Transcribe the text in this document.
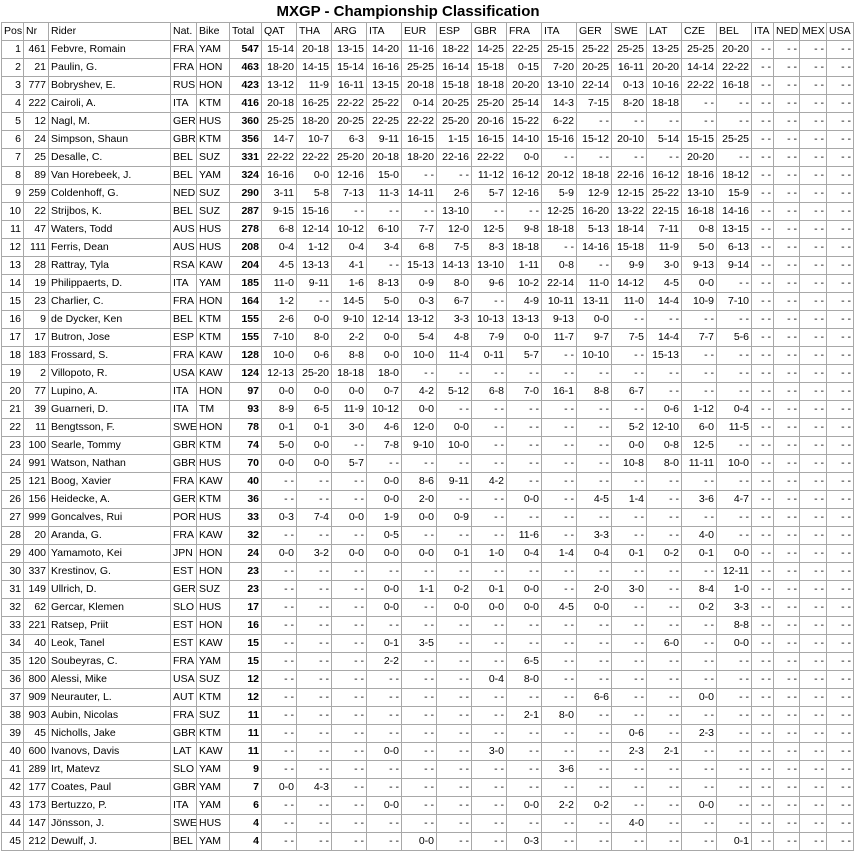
MXGP - Championship Classification
Pos	Nr	Rider	Nat.	Bike	Total	QAT	THA	ARG	ITA	EUR	ESP	GBR	FRA	ITA	GER	SWE	LAT	CZE	BEL	ITA	NED	MEX	USA
1	461	Febvre, Romain	FRA	YAM	547	15-14	20-18	13-15	14-20	11-16	18-22	14-25	22-25	25-15	25-22	25-25	13-25	25-25	20-20	- -	- -	- -	- -
2	21	Paulin, G.	FRA	HON	463	18-20	14-15	15-14	16-16	25-25	16-14	15-18	0-15	7-20	20-25	16-11	20-20	14-14	22-22	- -	- -	- -	- -
3	777	Bobryshev, E.	RUS	HON	423	13-12	11-9	16-11	13-15	20-18	15-18	18-18	20-20	13-10	22-14	0-13	10-16	22-22	16-18	- -	- -	- -	- -
4	222	Cairoli, A.	ITA	KTM	416	20-18	16-25	22-22	25-22	0-14	20-25	25-20	25-14	14-3	7-15	8-20	18-18	- -	- -	- -	- -	- -	- -
5	12	Nagl, M.	GER	HUS	360	25-25	18-20	20-25	22-25	22-22	25-20	20-16	15-22	6-22	- -	- -	- -	- -	- -	- -	- -	- -	- -
6	24	Simpson, Shaun	GBR	KTM	356	14-7	10-7	6-3	9-11	16-15	1-15	16-15	14-10	15-16	15-12	20-10	5-14	15-15	25-25	- -	- -	- -	- -
7	25	Desalle, C.	BEL	SUZ	331	22-22	22-22	25-20	20-18	18-20	22-16	22-22	0-0	- -	- -	- -	- -	20-20	- -	- -	- -	- -	- -
8	89	Van Horebeek, J.	BEL	YAM	324	16-16	0-0	12-16	15-0	- -	- -	11-12	16-12	20-12	18-18	22-16	16-12	18-16	18-12	- -	- -	- -	- -
9	259	Coldenhoff, G.	NED	SUZ	290	3-11	5-8	7-13	11-3	14-11	2-6	5-7	12-16	5-9	12-9	12-15	25-22	13-10	15-9	- -	- -	- -	- -
10	22	Strijbos, K.	BEL	SUZ	287	9-15	15-16	- -	- -	- -	13-10	- -	- -	12-25	16-20	13-22	22-15	16-18	14-16	- -	- -	- -	- -
11	47	Waters, Todd	AUS	HUS	278	6-8	12-14	10-12	6-10	7-7	12-0	12-5	9-8	18-18	5-13	18-14	7-11	0-8	13-15	- -	- -	- -	- -
12	111	Ferris, Dean	AUS	HUS	208	0-4	1-12	0-4	3-4	6-8	7-5	8-3	18-18	- -	14-16	15-18	11-9	5-0	6-13	- -	- -	- -	- -
13	28	Rattray, Tyla	RSA	KAW	204	4-5	13-13	4-1	- -	15-13	14-13	13-10	1-11	0-8	- -	9-9	3-0	9-13	9-14	- -	- -	- -	- -
14	19	Philippaerts, D.	ITA	YAM	185	11-0	9-11	1-6	8-13	0-9	8-0	9-6	10-2	22-14	11-0	14-12	4-5	0-0	- -	- -	- -	- -	- -
15	23	Charlier, C.	FRA	HON	164	1-2	- -	14-5	5-0	0-3	6-7	- -	4-9	10-11	13-11	11-0	14-4	10-9	7-10	- -	- -	- -	- -
16	9	de Dycker, Ken	BEL	KTM	155	2-6	0-0	9-10	12-14	13-12	3-3	10-13	13-13	9-13	0-0	- -	- -	- -	- -	- -	- -	- -	- -
17	17	Butron, Jose	ESP	KTM	155	7-10	8-0	2-2	0-0	5-4	4-8	7-9	0-0	11-7	9-7	7-5	14-4	7-7	5-6	- -	- -	- -	- -
18	183	Frossard, S.	FRA	KAW	128	10-0	0-6	8-8	0-0	10-0	11-4	0-11	5-7	- -	10-10	- -	15-13	- -	- -	- -	- -	- -	- -
19	2	Villopoto, R.	USA	KAW	124	12-13	25-20	18-18	18-0	- -	- -	- -	- -	- -	- -	- -	- -	- -	- -	- -	- -	- -	- -
20	77	Lupino, A.	ITA	HON	97	0-0	0-0	0-0	0-7	4-2	5-12	6-8	7-0	16-1	8-8	6-7	- -	- -	- -	- -	- -	- -	- -
21	39	Guarneri, D.	ITA	TM	93	8-9	6-5	11-9	10-12	0-0	- -	- -	- -	- -	- -	- -	0-6	1-12	0-4	- -	- -	- -	- -
22	11	Bengtsson, F.	SWE	HON	78	0-1	0-1	3-0	4-6	12-0	0-0	- -	- -	- -	- -	5-2	12-10	6-0	11-5	- -	- -	- -	- -
23	100	Searle, Tommy	GBR	KTM	74	5-0	0-0	- -	7-8	9-10	10-0	- -	- -	- -	- -	0-0	0-8	12-5	- -	- -	- -	- -	- -
24	991	Watson, Nathan	GBR	HUS	70	0-0	0-0	5-7	- -	- -	- -	- -	- -	- -	- -	10-8	8-0	11-11	10-0	- -	- -	- -	- -
25	121	Boog, Xavier	FRA	KAW	40	- -	- -	- -	0-0	8-6	9-11	4-2	- -	- -	- -	- -	- -	- -	- -	- -	- -	- -	- -
26	156	Heidecke, A.	GER	KTM	36	- -	- -	- -	0-0	2-0	- -	- -	0-0	- -	4-5	1-4	- -	3-6	4-7	- -	- -	- -	- -
27	999	Goncalves, Rui	POR	HUS	33	0-3	7-4	0-0	1-9	0-0	0-9	- -	- -	- -	- -	- -	- -	- -	- -	- -	- -	- -	- -
28	20	Aranda, G.	FRA	KAW	32	- -	- -	- -	0-5	- -	- -	- -	11-6	- -	3-3	- -	- -	4-0	- -	- -	- -	- -	- -
29	400	Yamamoto, Kei	JPN	HON	24	0-0	3-2	0-0	0-0	0-0	0-1	1-0	0-4	1-4	0-4	0-1	0-2	0-1	0-0	- -	- -	- -	- -
30	337	Krestinov, G.	EST	HON	23	- -	- -	- -	- -	- -	- -	- -	- -	- -	- -	- -	- -	- -	12-11	- -	- -	- -	- -
31	149	Ullrich, D.	GER	SUZ	23	- -	- -	- -	0-0	1-1	0-2	0-1	0-0	- -	2-0	3-0	- -	8-4	1-0	- -	- -	- -	- -
32	62	Gercar, Klemen	SLO	HUS	17	- -	- -	- -	0-0	- -	0-0	0-0	0-0	4-5	0-0	- -	- -	0-2	3-3	- -	- -	- -	- -
33	221	Ratsep, Priit	EST	HON	16	- -	- -	- -	- -	- -	- -	- -	- -	- -	- -	- -	- -	- -	8-8	- -	- -	- -	- -
34	40	Leok, Tanel	EST	KAW	15	- -	- -	- -	0-1	3-5	- -	- -	- -	- -	- -	- -	6-0	- -	0-0	- -	- -	- -	- -
35	120	Soubeyras, C.	FRA	YAM	15	- -	- -	- -	2-2	- -	- -	- -	6-5	- -	- -	- -	- -	- -	- -	- -	- -	- -	- -
36	800	Alessi, Mike	USA	SUZ	12	- -	- -	- -	- -	- -	- -	0-4	8-0	- -	- -	- -	- -	- -	- -	- -	- -	- -	- -
37	909	Neurauter, L.	AUT	KTM	12	- -	- -	- -	- -	- -	- -	- -	- -	- -	6-6	- -	- -	0-0	- -	- -	- -	- -	- -
38	903	Aubin, Nicolas	FRA	SUZ	11	- -	- -	- -	- -	- -	- -	- -	2-1	8-0	- -	- -	- -	- -	- -	- -	- -	- -	- -
39	45	Nicholls, Jake	GBR	KTM	11	- -	- -	- -	- -	- -	- -	- -	- -	- -	- -	0-6	- -	2-3	- -	- -	- -	- -	- -
40	600	Ivanovs, Davis	LAT	KAW	11	- -	- -	- -	0-0	- -	- -	3-0	- -	- -	- -	2-3	2-1	- -	- -	- -	- -	- -	- -
41	289	Irt, Matevz	SLO	YAM	9	- -	- -	- -	- -	- -	- -	- -	- -	3-6	- -	- -	- -	- -	- -	- -	- -	- -	- -
42	177	Coates, Paul	GBR	YAM	7	0-0	4-3	- -	- -	- -	- -	- -	- -	- -	- -	- -	- -	- -	- -	- -	- -	- -	- -
43	173	Bertuzzo, P.	ITA	YAM	6	- -	- -	- -	0-0	- -	- -	- -	0-0	2-2	0-2	- -	- -	0-0	- -	- -	- -	- -	- -
44	147	Jönsson, J.	SWE	HUS	4	- -	- -	- -	- -	- -	- -	- -	- -	- -	- -	4-0	- -	- -	- -	- -	- -	- -	- -
45	212	Dewulf, J.	BEL	YAM	4	- -	- -	- -	- -	0-0	- -	- -	0-3	- -	- -	- -	- -	- -	0-1	- -	- -	- -	- -
